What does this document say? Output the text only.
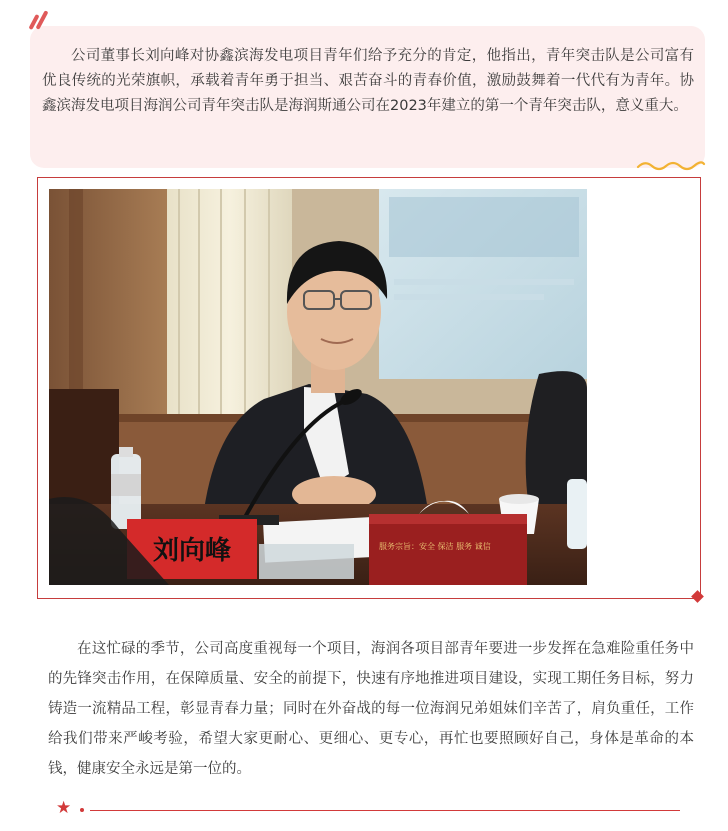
公司董事长刘向峰对协鑫滨海发电项目青年们给予充分的肯定，他指出，青年突击队是公司富有优良传统的光荣旗帜，承载着青年勇于担当、艰苦奋斗的青春价值，激励鼓舞着一代代有为青年。协鑫滨海发电项目海润公司青年突击队是海润斯通公司在2023年建立的第一个青年突击队，意义重大。

服务宗旨：安全 保洁 服务 诚信
刘向峰

在这忙碌的季节，公司高度重视每一个项目，海润各项目部青年要进一步发挥在急难险重任务中的先锋突击作用，在保障质量、安全的前提下，快速有序地推进项目建设，实现工期任务目标，努力铸造一流精品工程，彰显青春力量；同时在外奋战的每一位海润兄弟姐妹们辛苦了，肩负重任，工作给我们带来严峻考验，希望大家更耐心、更细心、更专心，再忙也要照顾好自己，身体是革命的本钱，健康安全永远是第一位的。

★
